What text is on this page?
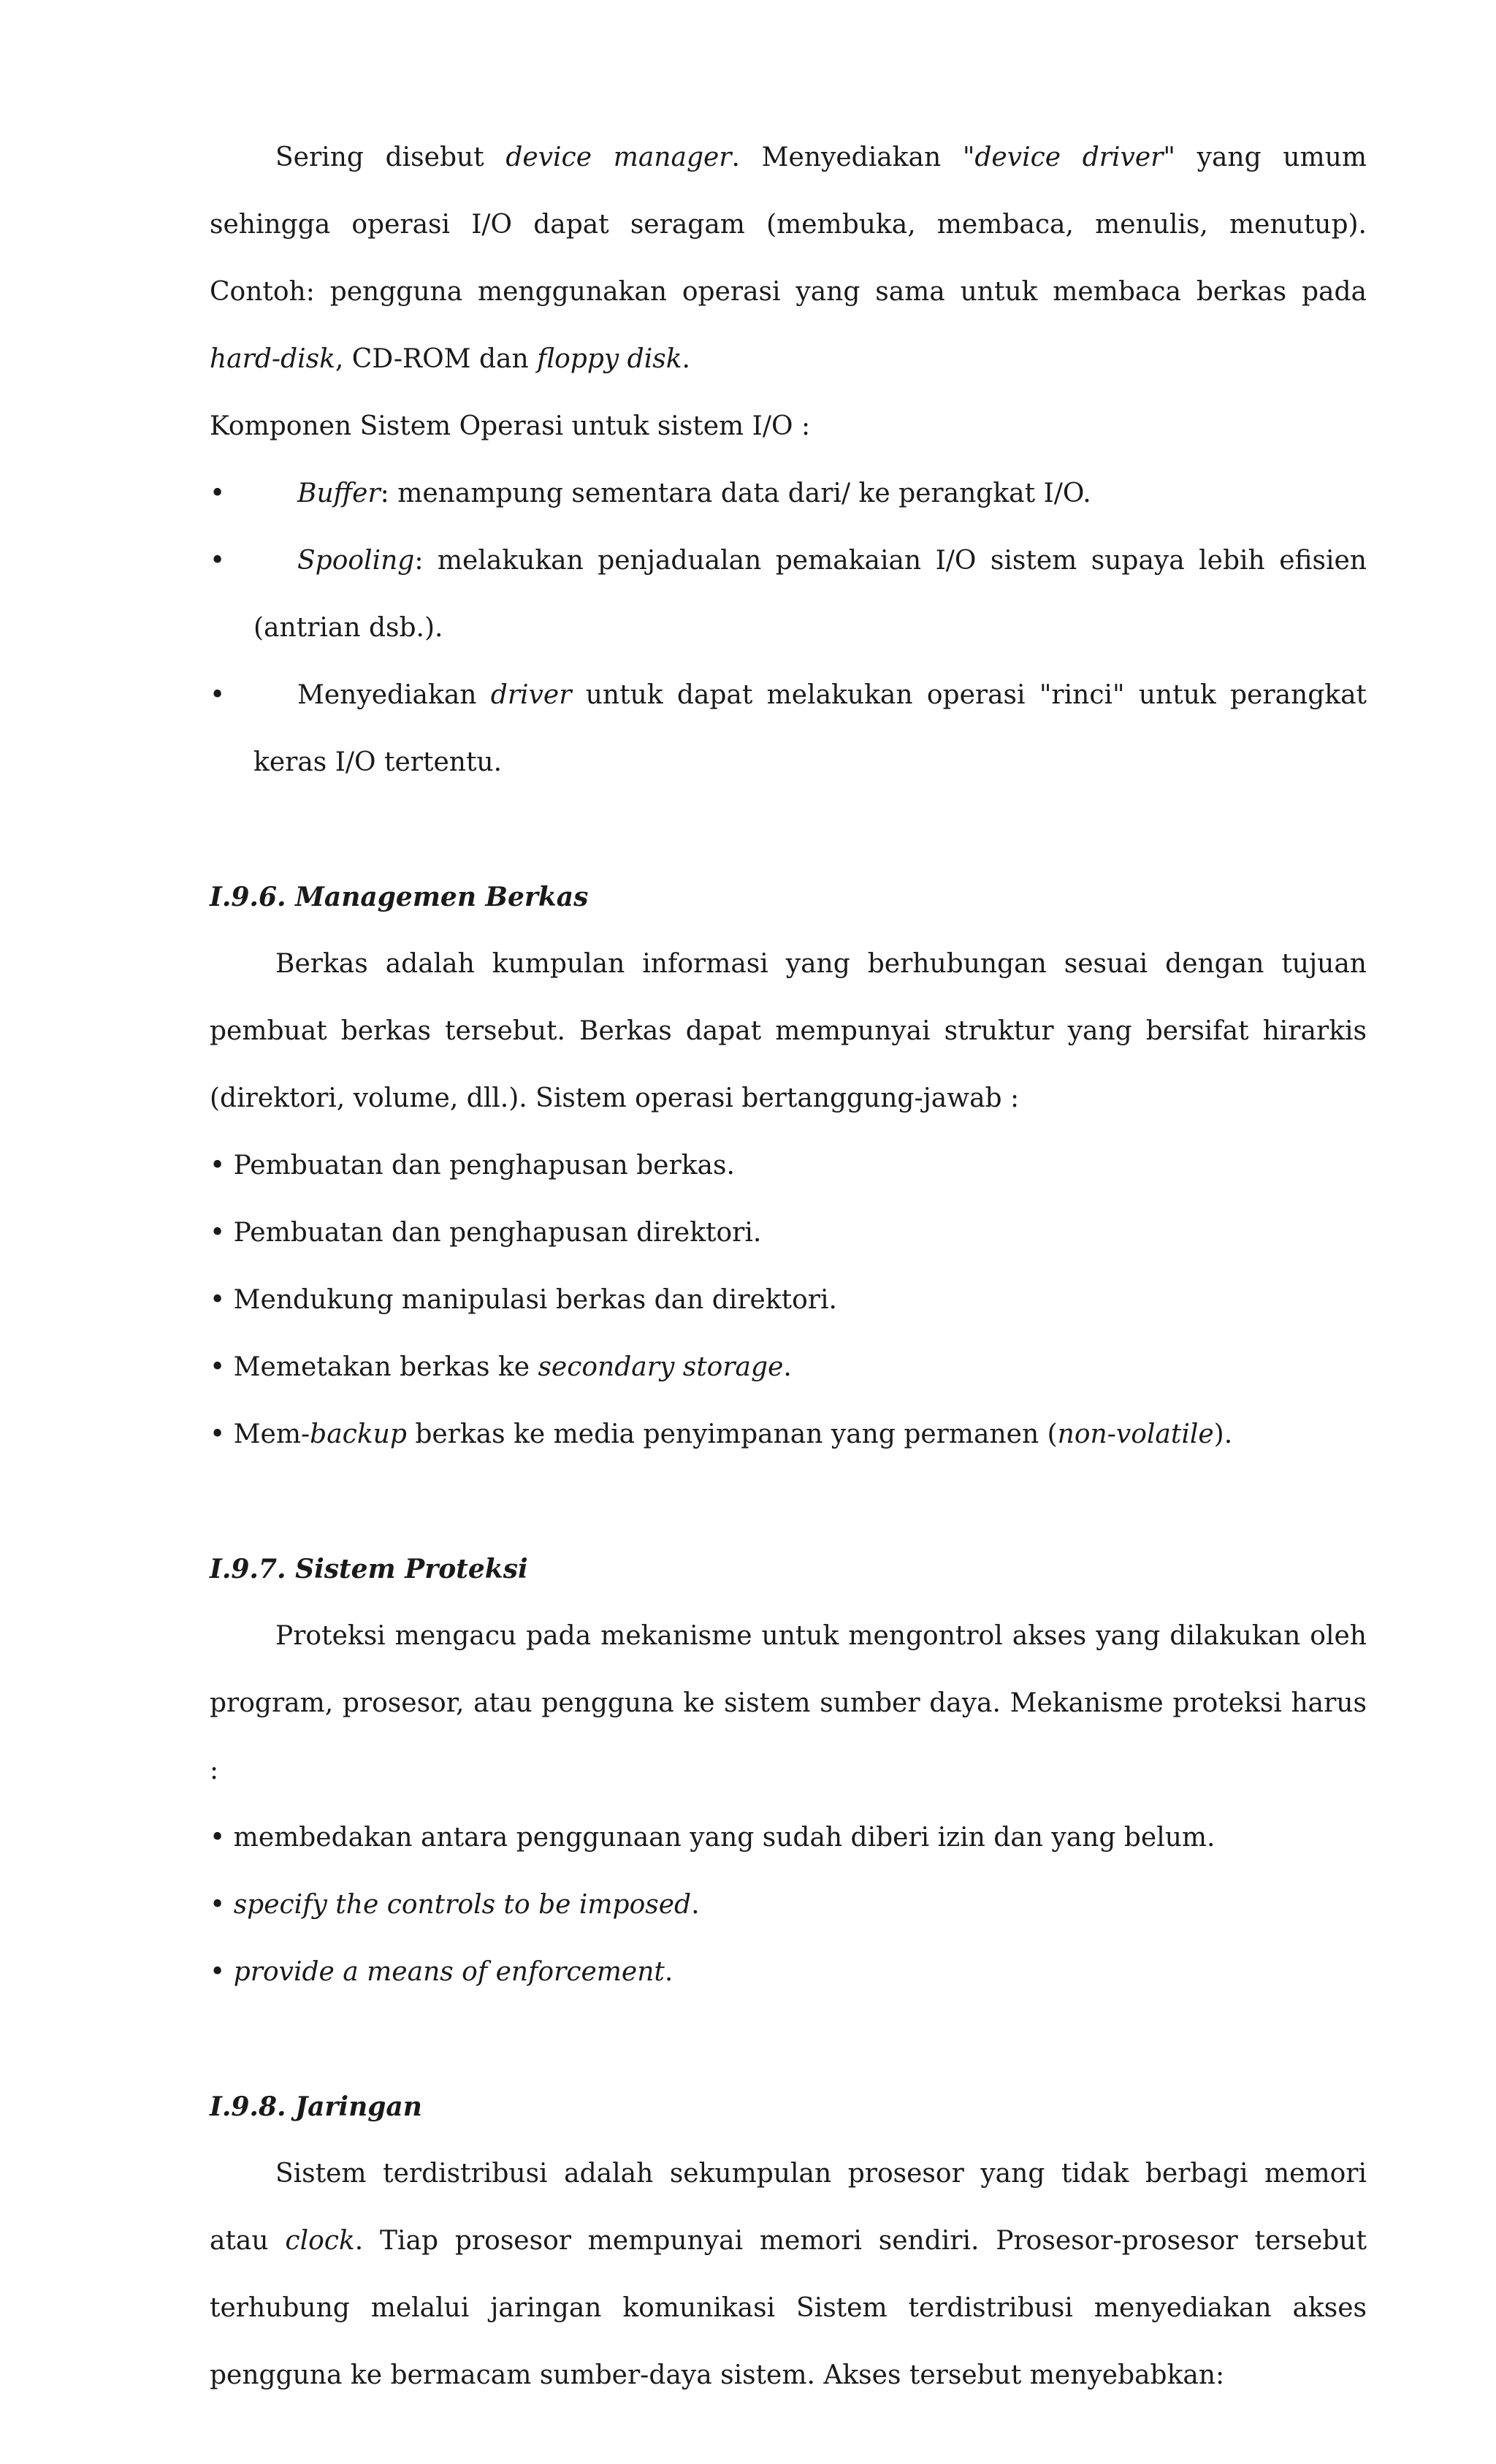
Sering disebut device manager. Menyediakan "device driver" yang umum sehingga operasi I/O dapat seragam (membuka, membaca, menulis, menutup). Contoh: pengguna menggunakan operasi yang sama untuk membaca berkas pada hard-disk, CD-ROM dan floppy disk.

Komponen Sistem Operasi untuk sistem I/O :

•	Buffer: menampung sementara data dari/ ke perangkat I/O.

•	Spooling: melakukan penjadualan pemakaian I/O sistem supaya lebih efisien (antrian dsb.).

•	Menyediakan driver untuk dapat melakukan operasi "rinci" untuk perangkat keras I/O tertentu.

I.9.6. Managemen Berkas

Berkas adalah kumpulan informasi yang berhubungan sesuai dengan tujuan pembuat berkas tersebut. Berkas dapat mempunyai struktur yang bersifat hirarkis (direktori, volume, dll.). Sistem operasi bertanggung-jawab :

• Pembuatan dan penghapusan berkas.

• Pembuatan dan penghapusan direktori.

• Mendukung manipulasi berkas dan direktori.

• Memetakan berkas ke secondary storage.

• Mem-backup berkas ke media penyimpanan yang permanen (non-volatile).

I.9.7. Sistem Proteksi

Proteksi mengacu pada mekanisme untuk mengontrol akses yang dilakukan oleh program, prosesor, atau pengguna ke sistem sumber daya. Mekanisme proteksi harus :

• membedakan antara penggunaan yang sudah diberi izin dan yang belum.

• specify the controls to be imposed.

• provide a means of enforcement.

I.9.8. Jaringan

Sistem terdistribusi adalah sekumpulan prosesor yang tidak berbagi memori atau clock. Tiap prosesor mempunyai memori sendiri. Prosesor-prosesor tersebut terhubung melalui jaringan komunikasi Sistem terdistribusi menyediakan akses pengguna ke bermacam sumber-daya sistem. Akses tersebut menyebabkan:
